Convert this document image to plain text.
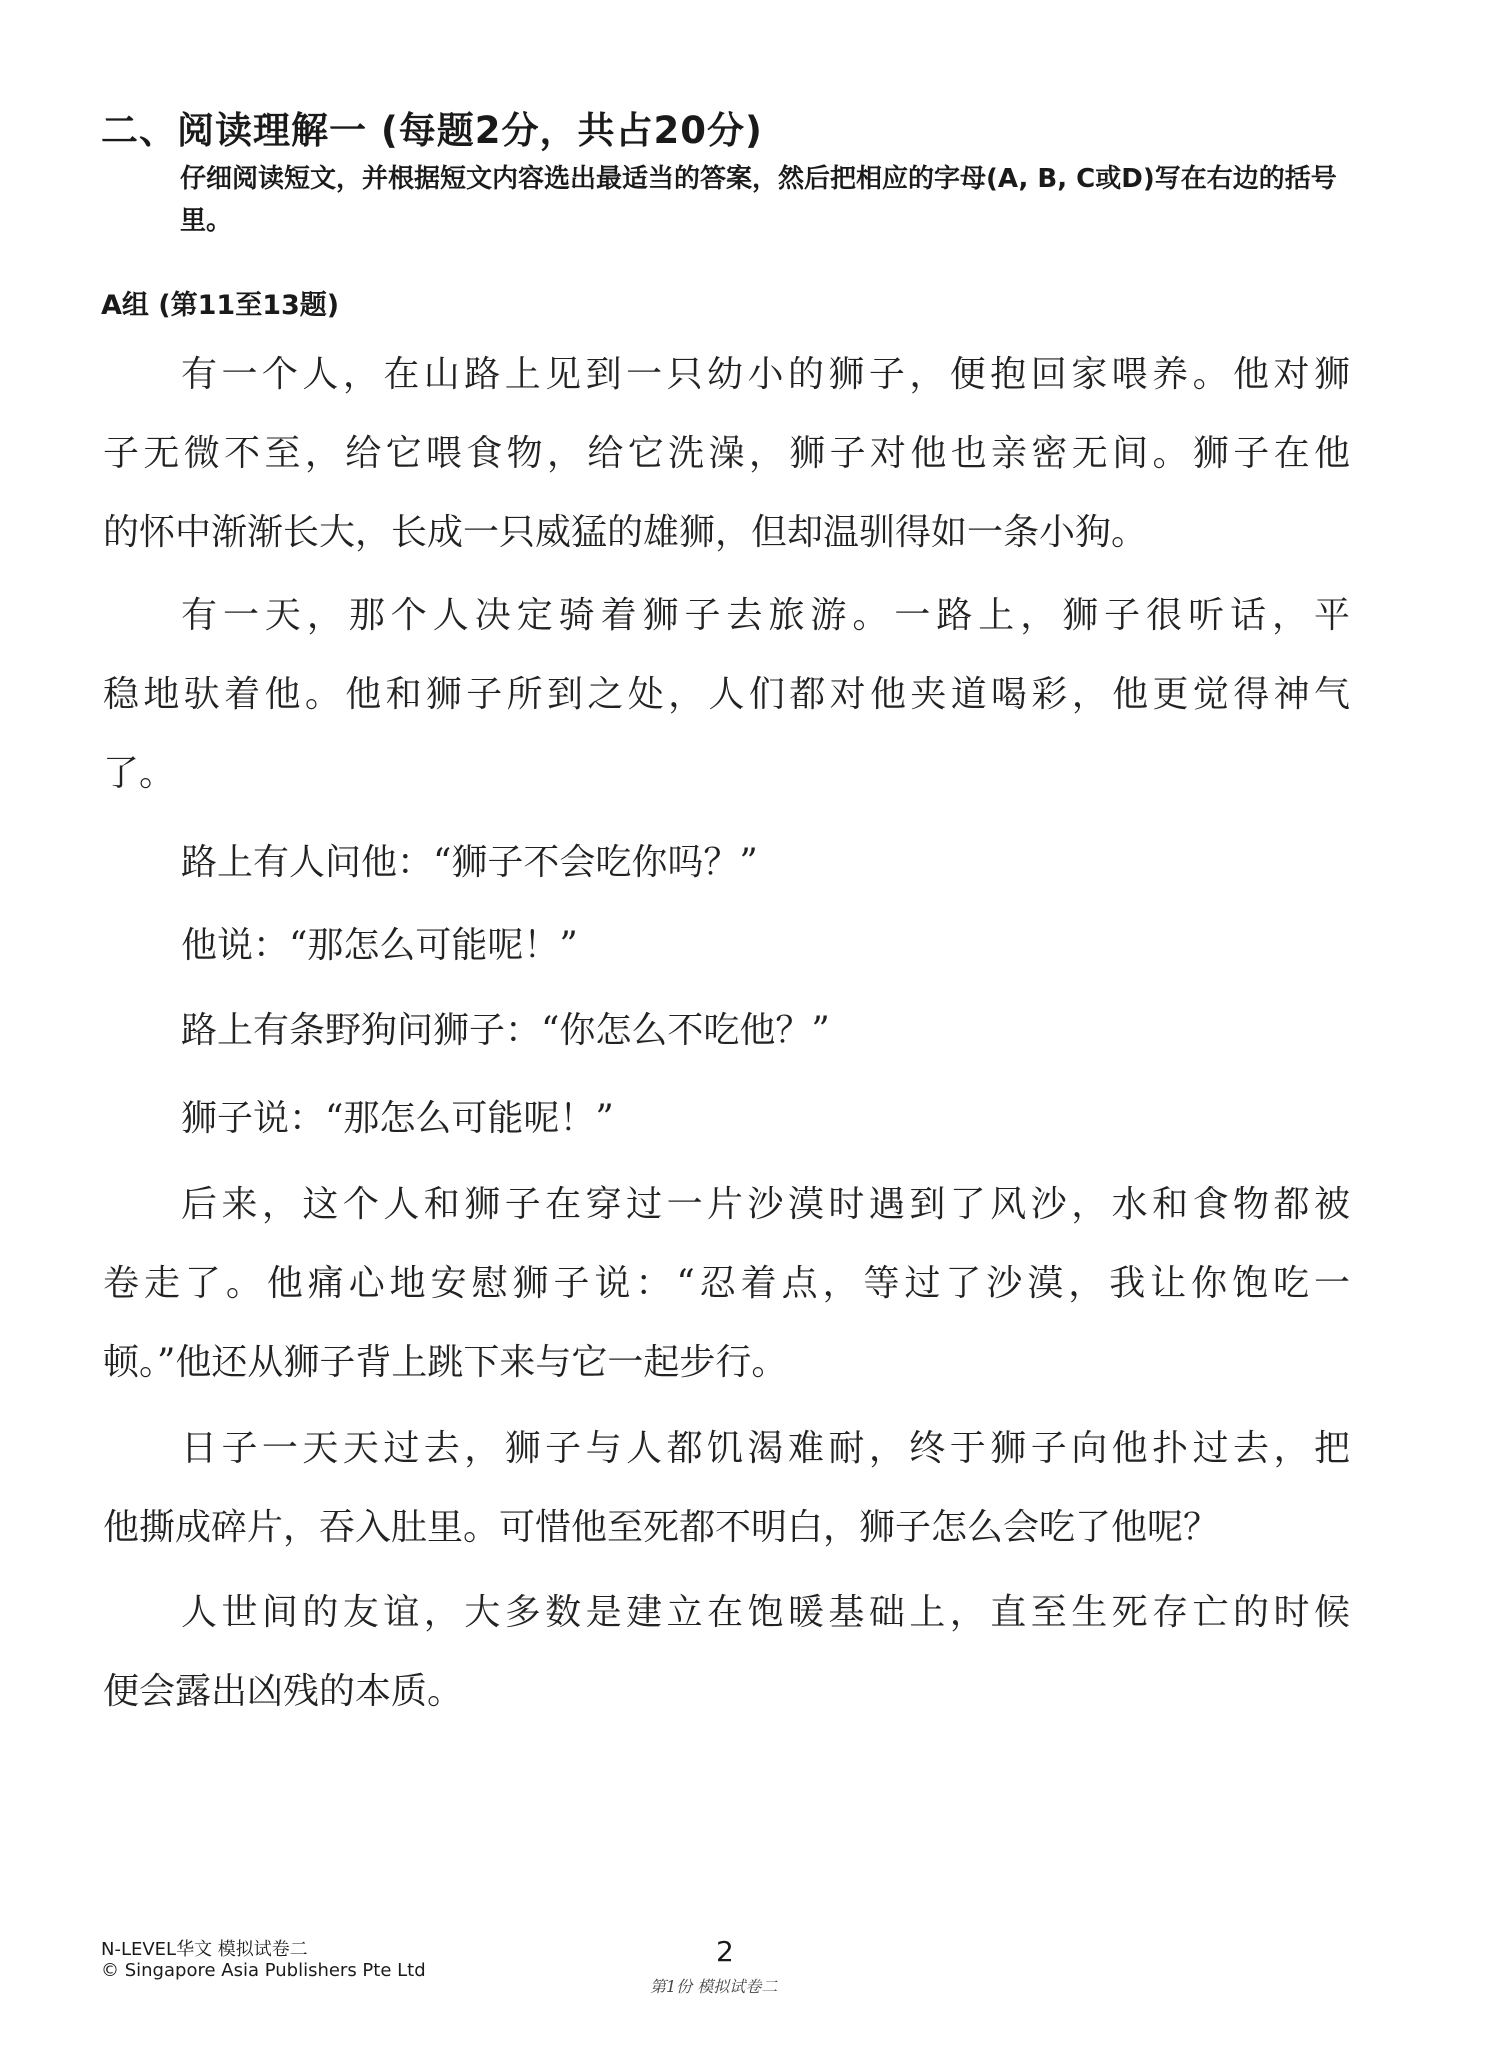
二、阅读理解一 (每题2分，共占20分)
仔细阅读短文，并根据短文内容选出最适当的答案，然后把相应的字母(A, B, C或D)写在右边的括号里。
A组 (第11至13题)
有一个人，在山路上见到一只幼小的狮子，便抱回家喂养。他对狮
子无微不至，给它喂食物，给它洗澡，狮子对他也亲密无间。狮子在他
的怀中渐渐长大，长成一只威猛的雄狮，但却温驯得如一条小狗。
有一天，那个人决定骑着狮子去旅游。一路上，狮子很听话，平
稳地驮着他。他和狮子所到之处，人们都对他夹道喝彩，他更觉得神气
了。
路上有人问他：“狮子不会吃你吗？”
他说：“那怎么可能呢！”
路上有条野狗问狮子：“你怎么不吃他？”
狮子说：“那怎么可能呢！”
后来，这个人和狮子在穿过一片沙漠时遇到了风沙，水和食物都被
卷走了。他痛心地安慰狮子说：“忍着点，等过了沙漠，我让你饱吃一
顿。”他还从狮子背上跳下来与它一起步行。
日子一天天过去，狮子与人都饥渴难耐，终于狮子向他扑过去，把
他撕成碎片，吞入肚里。可惜他至死都不明白，狮子怎么会吃了他呢？
人世间的友谊，大多数是建立在饱暖基础上，直至生死存亡的时候
便会露出凶残的本质。
N-LEVEL华文 模拟试卷二
© Singapore Asia Publishers Pte Ltd
2
第1份 模拟试卷二
